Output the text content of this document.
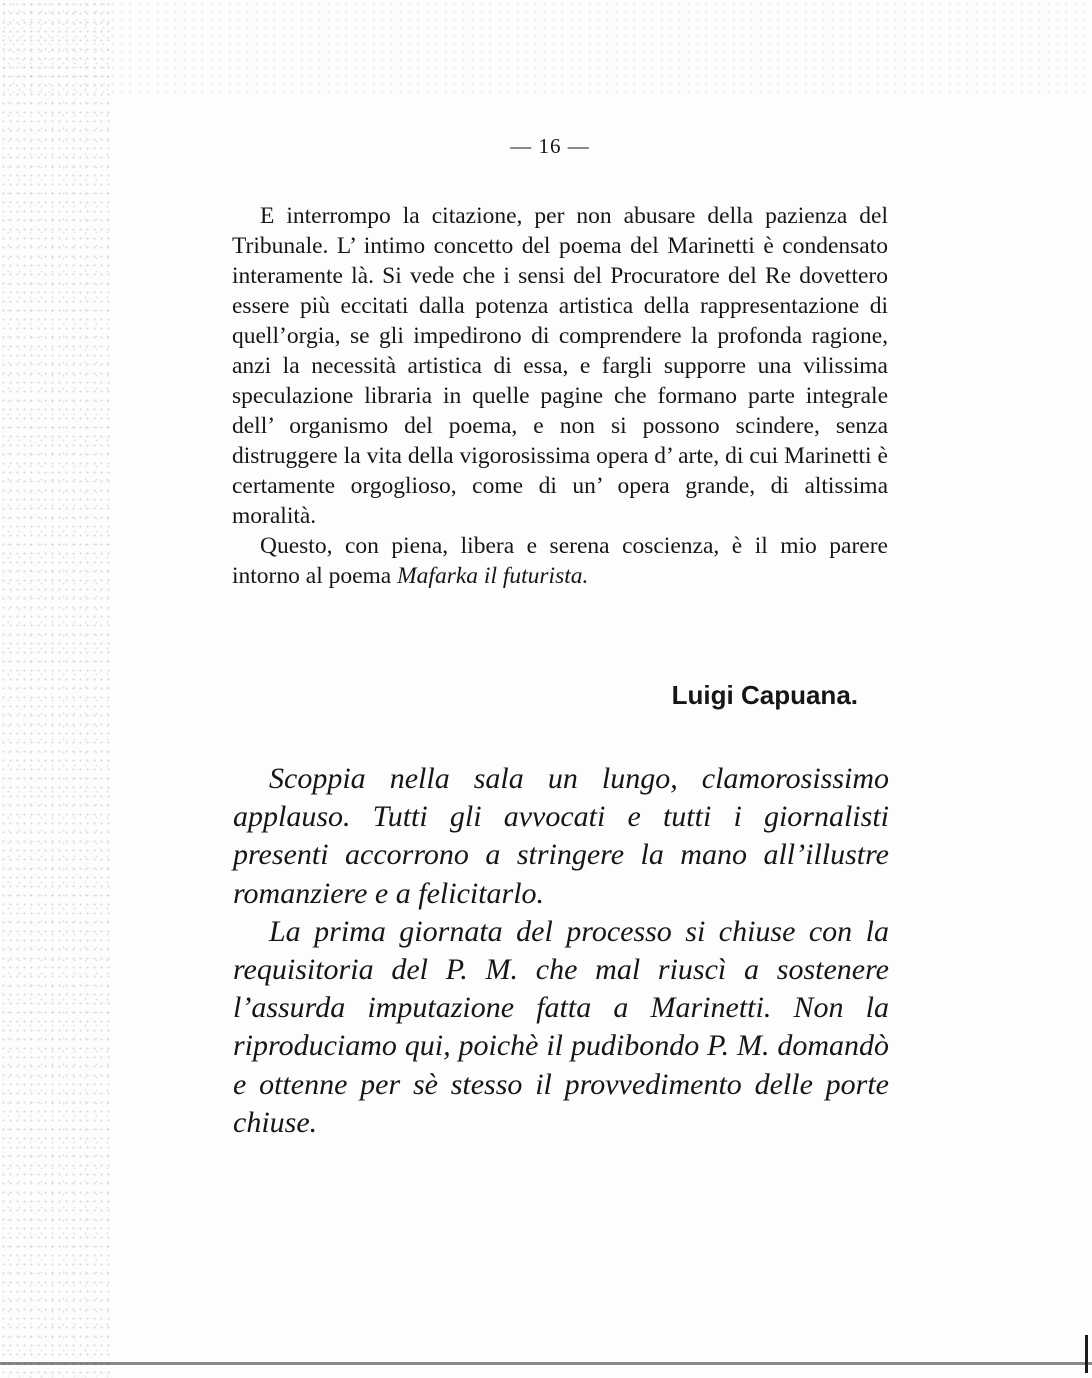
— 16 —

E interrompo la citazione, per non abusare della pazienza del Tribunale. L’ intimo concetto del poema del Marinetti è condensato interamente là. Si vede che i sensi del Procuratore del Re dovettero essere più eccitati dalla potenza artistica della rappresentazione di quell’orgia, se gli impedirono di comprendere la profonda ragione, anzi la necessità artistica di essa, e fargli supporre una vilissima speculazione libraria in quelle pagine che formano parte integrale dell’ organismo del poema, e non si possono scindere, senza distruggere la vita della vigorosissima opera d’ arte, di cui Marinetti è certamente orgoglioso, come di un’ opera grande, di altissima moralità.

Questo, con piena, libera e serena coscienza, è il mio parere intorno al poema Mafarka il futurista.

Luigi Capuana.

Scoppia nella sala un lungo, clamorosissimo applauso. Tutti gli avvocati e tutti i giornalisti presenti accorrono a stringere la mano all’illustre romanziere e a felicitarlo.

La prima giornata del processo si chiuse con la requisitoria del P. M. che mal riuscì a sostenere l’assurda imputazione fatta a Marinetti. Non la riproduciamo qui, poichè il pudibondo P. M. domandò e ottenne per sè stesso il provvedimento delle porte chiuse.
